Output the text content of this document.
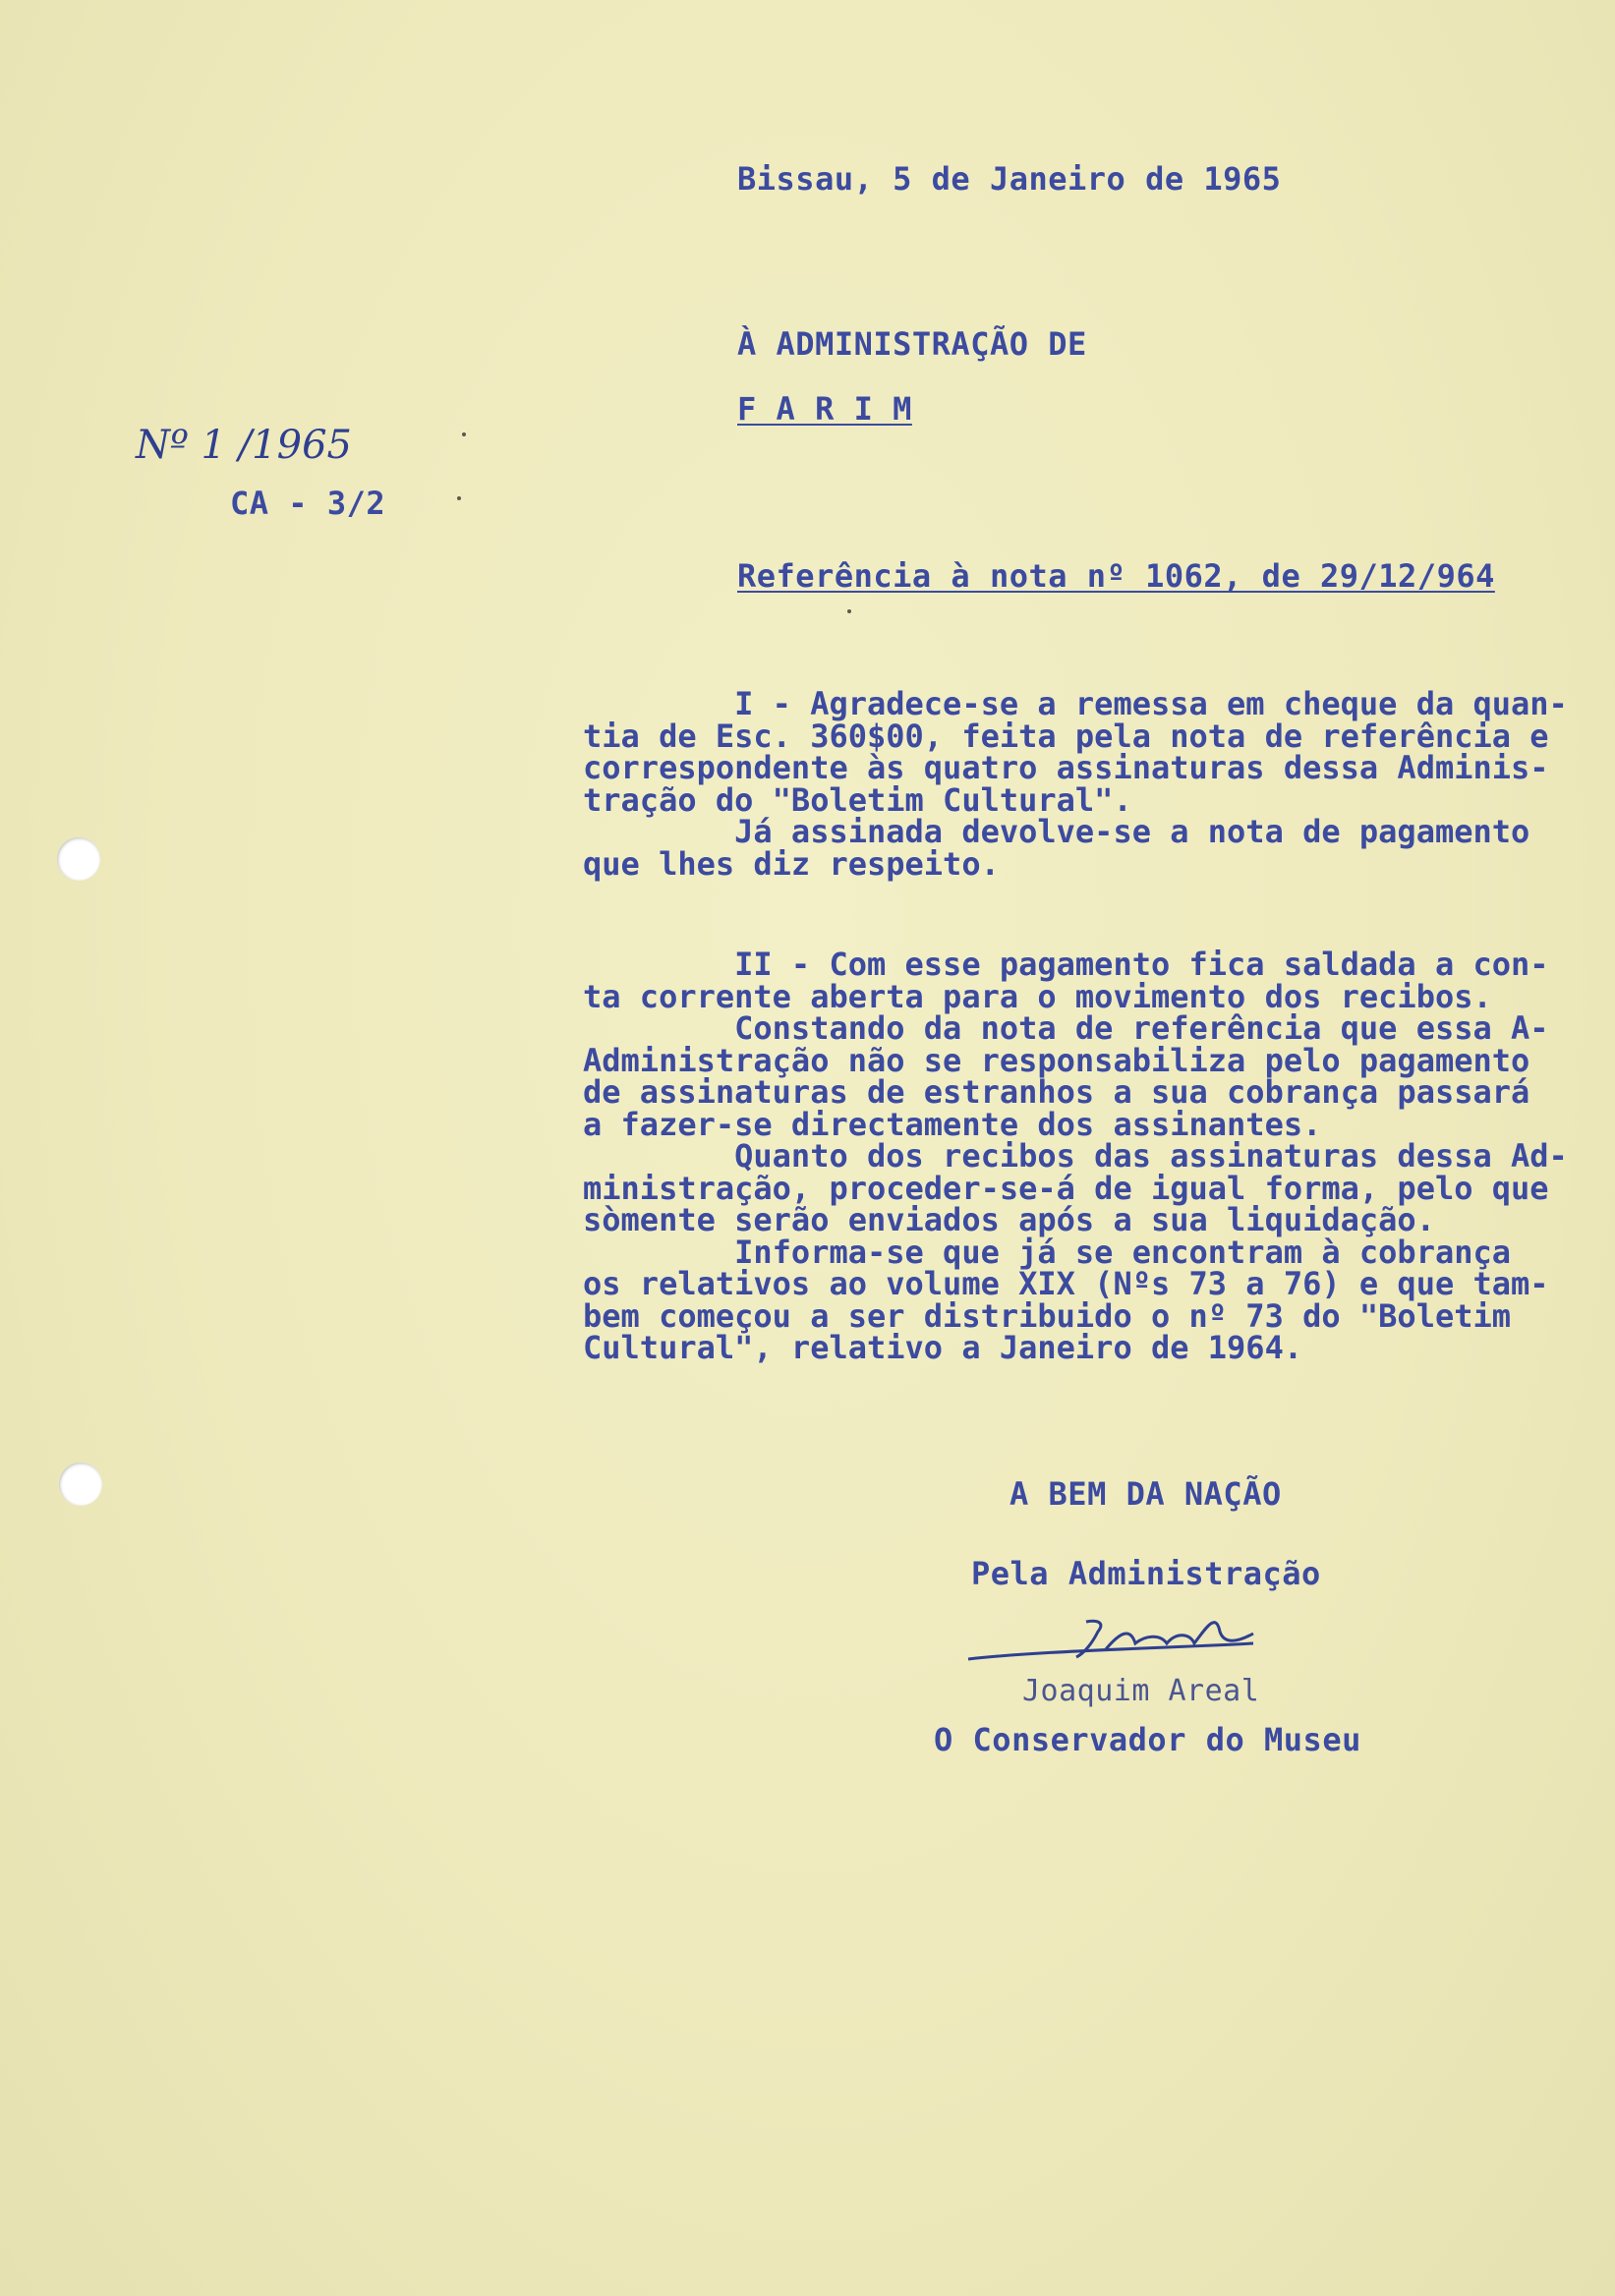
Bissau, 5 de Janeiro de 1965
À ADMINISTRAÇÃO DE
F A R I M
Nº 1 /1965
CA - 3/2
Referência à nota nº 1062, de 29/12/964
I - Agradece-se a remessa em cheque da quan-
tia de Esc. 360$00, feita pela nota de referência e
correspondente às quatro assinaturas dessa Adminis-
tração do "Boletim Cultural".
Já assinada devolve-se a nota de pagamento
que lhes diz respeito.
II - Com esse pagamento fica saldada a con-
ta corrente aberta para o movimento dos recibos.
Constando da nota de referência que essa A-
Administração não se responsabiliza pelo pagamento
de assinaturas de estranhos a sua cobrança passará
a fazer-se directamente dos assinantes.
Quanto dos recibos das assinaturas dessa Ad-
ministração, proceder-se-á de igual forma, pelo que
sòmente serão enviados após a sua liquidação.
Informa-se que já se encontram à cobrança
os relativos ao volume XIX (Nºs 73 a 76) e que tam-
bem começou a ser distribuido o nº 73 do "Boletim
Cultural", relativo a Janeiro de 1964.
A BEM DA NAÇÃO
Pela Administração
Joaquim Areal
O Conservador do Museu
